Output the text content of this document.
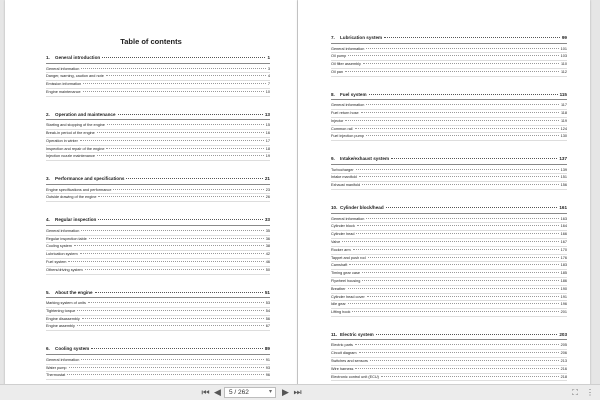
Table of contents
1.	General introduction	1
General information	3
Danger, warning, caution and note	4
Emission information	7
Engine maintenance	10
2.	Operation and maintenance	13
Starting and stopping of the engine	15
Break-in period of the engine	16
Operation in winter	17
Inspection and repair of the engine	18
Injection nozzle maintenance	19
3.	Performance and specifications	21
Engine specifications and performance	23
Outside drawing of the engine	26
4.	Regular inspection	33
General information	35
Regular inspection table	36
Cooling system	38
Lubrication system	42
Fuel system	46
Others/driving system	50
5.	About the engine	51
Marking system of units	53
Tightening torque	54
Engine disassembly	56
Engine assembly	67
6.	Cooling system	89
General information	91
Water pump	93
Thermostat	96
7.	Lubrication system	99
General information	101
Oil pump	103
Oil filter assembly	110
Oil pan	112
8.	Fuel system	115
General information	117
Fuel return hose	118
Injector	119
Common rail	124
Fuel injection pump	130
9.	Intake/exhaust system	137
Turbocharger	139
Intake manifold	151
Exhaust manifold	156
10. Cylinder block/head	161
General information	163
Cylinder block	164
Cylinder head	166
Valve	167
Rocker arm	170
Tappet and push rod	176
Camshaft	183
Timing gear case	185
Flywheel housing	186
Breather	190
Cylinder head cover	191
Idle gear	196
Lifting hook	201
11. Electric system	203
Electric parts	205
Circuit diagram	206
Switches and sensors	213
Wire harness	216
Electronic control unit (ECU)	218
⏮ ◀	5 / 262	▾ ▶ ⏭	⛶ ⋮
